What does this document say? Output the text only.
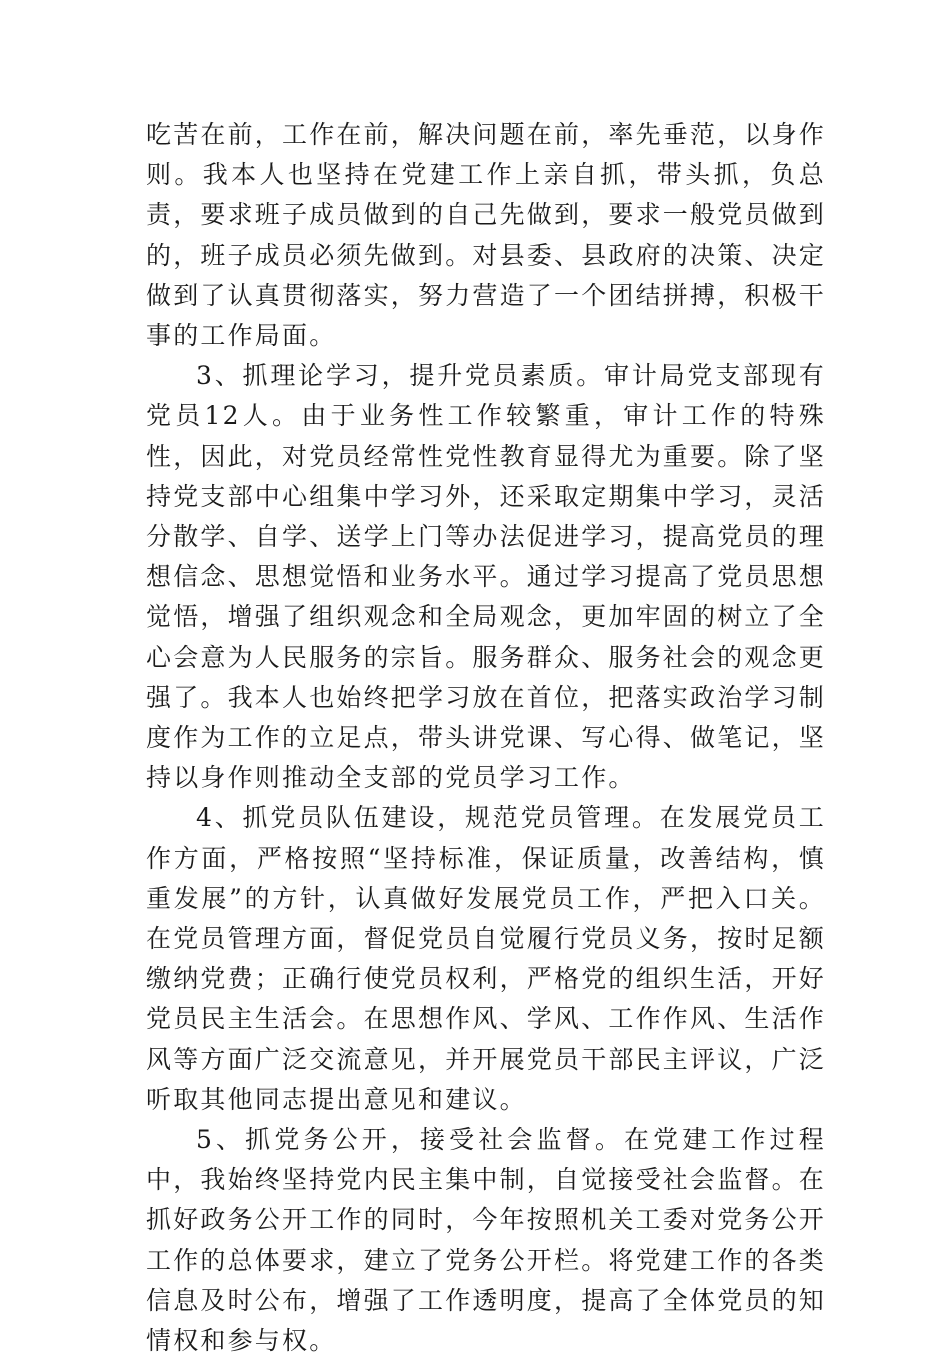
吃苦在前，工作在前，解决问题在前，率先垂范，以身作则。我本人也坚持在党建工作上亲自抓，带头抓，负总责，要求班子成员做到的自己先做到，要求一般党员做到的，班子成员必须先做到。对县委、县政府的决策、决定做到了认真贯彻落实，努力营造了一个团结拼搏，积极干事的工作局面。

3、抓理论学习，提升党员素质。审计局党支部现有党员12人。由于业务性工作较繁重，审计工作的特殊性，因此，对党员经常性党性教育显得尤为重要。除了坚持党支部中心组集中学习外，还采取定期集中学习，灵活分散学、自学、送学上门等办法促进学习，提高党员的理想信念、思想觉悟和业务水平。通过学习提高了党员思想觉悟，增强了组织观念和全局观念，更加牢固的树立了全心会意为人民服务的宗旨。服务群众、服务社会的观念更强了。我本人也始终把学习放在首位，把落实政治学习制度作为工作的立足点，带头讲党课、写心得、做笔记，坚持以身作则推动全支部的党员学习工作。

4、抓党员队伍建设，规范党员管理。在发展党员工作方面，严格按照“坚持标准，保证质量，改善结构，慎重发展”的方针，认真做好发展党员工作，严把入口关。在党员管理方面，督促党员自觉履行党员义务，按时足额缴纳党费；正确行使党员权利，严格党的组织生活，开好党员民主生活会。在思想作风、学风、工作作风、生活作风等方面广泛交流意见，并开展党员干部民主评议，广泛听取其他同志提出意见和建议。

5、抓党务公开，接受社会监督。在党建工作过程中，我始终坚持党内民主集中制，自觉接受社会监督。在抓好政务公开工作的同时，今年按照机关工委对党务公开工作的总体要求，建立了党务公开栏。将党建工作的各类信息及时公布，增强了工作透明度，提高了全体党员的知情权和参与权。
